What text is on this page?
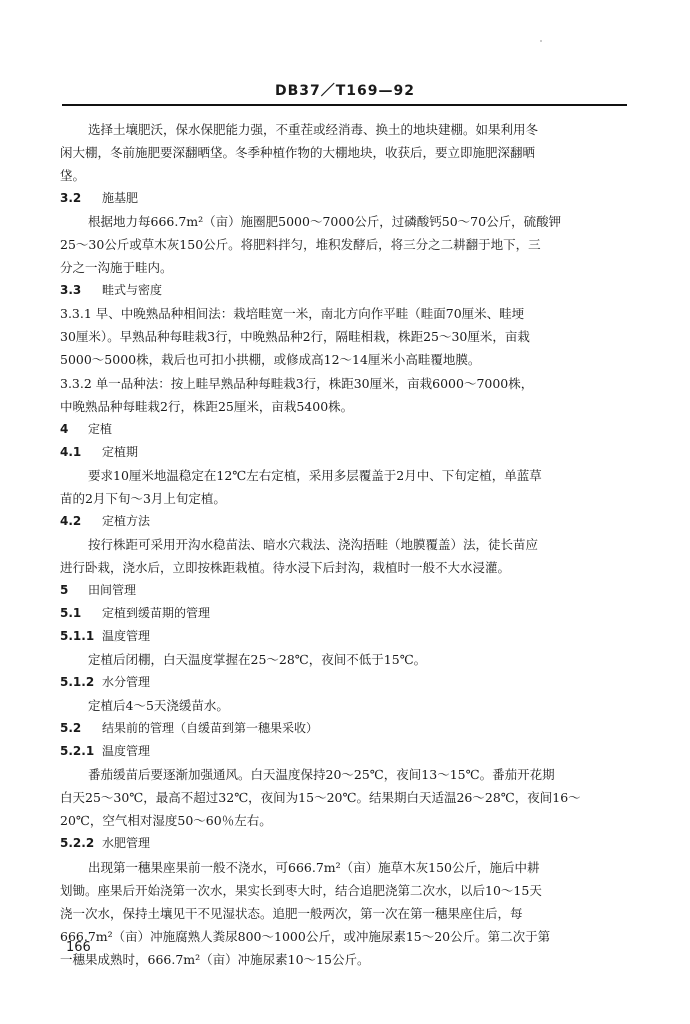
DB37／T169—92
选择土壤肥沃，保水保肥能力强，不重茬或经消毒、换土的地块建棚。如果利用冬
闲大棚，冬前施肥要深翻晒垡。冬季种植作物的大棚地块，收获后，要立即施肥深翻晒
垡。
3.2 施基肥
根据地力每666.7m²（亩）施圈肥5000～7000公斤，过磷酸钙50～70公斤，硫酸钾
25～30公斤或草木灰150公斤。将肥料拌匀，堆积发酵后，将三分之二耕翻于地下，三
分之一沟施于畦内。
3.3 畦式与密度
3.3.1 早、中晚熟品种相间法：栽培畦宽一米，南北方向作平畦（畦面70厘米、畦埂
30厘米）。早熟品种每畦栽3行，中晚熟品种2行，隔畦相栽，株距25～30厘米，亩栽
5000～5000株，栽后也可扣小拱棚，或修成高12～14厘米小高畦覆地膜。
3.3.2 单一品种法：按上畦早熟品种每畦栽3行，株距30厘米，亩栽6000～7000株，
中晚熟品种每畦栽2行，株距25厘米，亩栽5400株。
4 定植
4.1 定植期
要求10厘米地温稳定在12℃左右定植，采用多层覆盖于2月中、下旬定植，单蓝草
苗的2月下旬～3月上旬定植。
4.2 定植方法
按行株距可采用开沟水稳苗法、暗水穴栽法、浇沟捂畦（地膜覆盖）法，徒长苗应
进行卧栽，浇水后，立即按株距栽植。待水浸下后封沟，栽植时一般不大水浸灌。
5 田间管理
5.1 定植到缓苗期的管理
5.1.1 温度管理
定植后闭棚，白天温度掌握在25～28℃，夜间不低于15℃。
5.1.2 水分管理
定植后4～5天浇缓苗水。
5.2 结果前的管理（自缓苗到第一穗果采收）
5.2.1 温度管理
番茄缓苗后要逐渐加强通风。白天温度保持20～25℃，夜间13～15℃。番茄开花期
白天25～30℃，最高不超过32℃，夜间为15～20℃。结果期白天适温26～28℃，夜间16～
20℃，空气相对湿度50～60％左右。
5.2.2 水肥管理
出现第一穗果座果前一般不浇水，可666.7m²（亩）施草木灰150公斤，施后中耕
划锄。座果后开始浇第一次水，果实长到枣大时，结合追肥浇第二次水，以后10～15天
浇一次水，保持土壤见干不见湿状态。追肥一般两次，第一次在第一穗果座住后，每
666.7m²（亩）冲施腐熟人粪尿800～1000公斤，或冲施尿素15～20公斤。第二次于第
一穗果成熟时，666.7m²（亩）冲施尿素10～15公斤。
166
